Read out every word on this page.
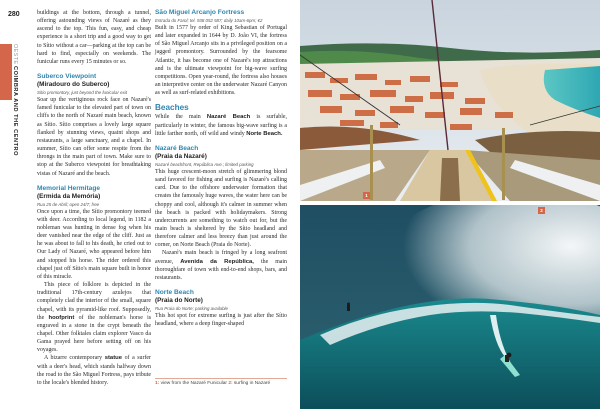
280
OESTE COIMBRA AND THE CENTRO

buildings at the bottom, through a tunnel, offering astounding views of Nazaré as they ascend to the top. This fun, easy, and cheap experience is a short trip and a good way to get to Sítio without a car—parking at the top can be hard to find, especially on weekends. The funicular runs every 15 minutes or so.

Suberco Viewpoint
(Miradouro do Suberco)
Sítio promontory, just beyond the funicular exit

Soar up the vertiginous rock face on Nazaré's famed funicular to the elevated part of town on cliffs to the north of Nazaré main beach, known as Sítio. Sítio comprises a lovely large square flanked by stunning views, quaint shops and restaurants, a large sanctuary, and a chapel. In summer, Sítio can offer some respite from the throngs in the main part of town. Make sure to stop at the Suberco viewpoint for breathtaking vistas of Nazaré and the beach.

Memorial Hermitage
(Ermida da Memória)
Rua 25 de Abril; open 24/7; free

Once upon a time, the Sítio promontory teemed with deer. According to local legend, in 1182 a nobleman was hunting in dense fog when his deer vanished near the edge of the cliff. Just as he was about to fall to his death, he cried out to Our Lady of Nazaré, who appeared before him and stopped his horse. The rider ordered this chapel just off Sítio's main square built in honor of this miracle.

This piece of folklore is depicted in the traditional 17th-century azulejos that completely clad the interior of the small, square chapel, with its pyramid-like roof. Supposedly, the hoofprint of the nobleman's horse is engraved in a stone in the crypt beneath the chapel. Other folktales claim explorer Vasco da Gama prayed here before setting off on his voyages.

A bizarre contemporary statue of a surfer with a deer's head, which stands halfway down the road to the São Miguel Fortress, pays tribute to the locale's blended history.

São Miguel Arcanjo Fortress
Estrada do Farol; tel. 938 052 587; daily 10am-6pm; €2

Built in 1577 by order of King Sebastian of Portugal and later expanded in 1644 by D. João VI, the fortress of São Miguel Arcanjo sits in a privileged position on a jagged promontory. Surrounded by the fearsome Atlantic, it has become one of Nazaré's top attractions and is the ultimate viewpoint for big-wave surfing competitions. Open year-round, the fortress also houses an interpretive center on the underwater Nazaré Canyon as well as surf-related exhibitions.

Beaches

While the main Nazaré Beach is surfable, particularly in winter, the famous big-wave surfing is a little farther north, off wild and windy Norte Beach.

Nazaré Beach
(Praia da Nazaré)
Nazaré beachfront, República Ave.; limited parking

This huge crescent-moon stretch of glimmering blond sand favored for fishing and surfing is Nazaré's calling card. Due to the offshore underwater formation that creates the famously huge waves, the water here can be choppy and cool, although it's calmer in summer when the beach is packed with holidaymakers. Strong undercurrents are something to watch out for, but the main beach is sheltered by the Sítio headland and therefore calmer and less breezy than just around the corner, on Norte Beach (Praia do Norte).

Nazaré's main beach is fringed by a long seafront avenue, Avenida da República, the main thoroughfare of town with end-to-end shops, bars, and restaurants.

Norte Beach
(Praia do Norte)
Rua Praia do Norte; parking available

This hot spot for extreme surfing is just after the Sítio headland, where a deep finger-shaped

1: view from the Nazaré Funicular 2: surfing in Nazaré
1
2
